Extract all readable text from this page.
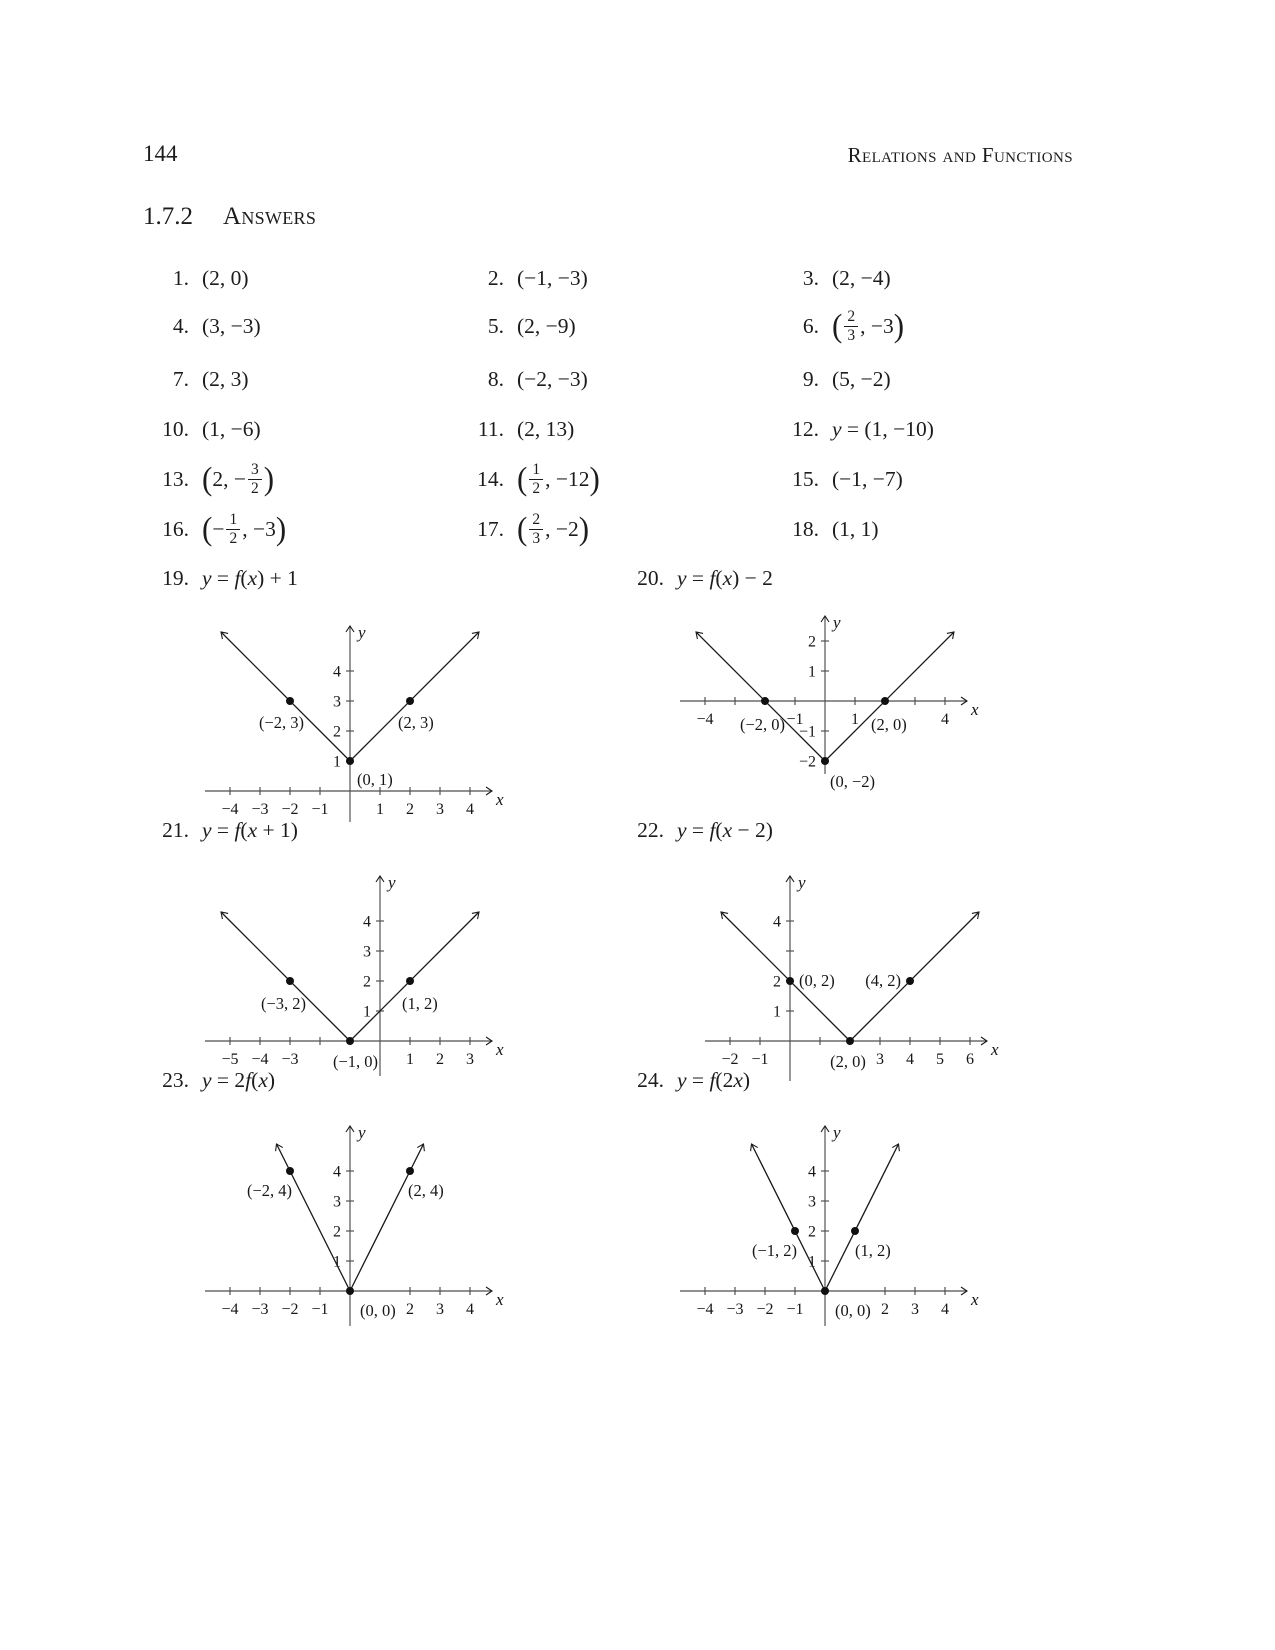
144	Relations and Functions
1.7.2 Answers
1. (2, 0)	2. (−1, −3)	3. (2, −4)
4. (3, −3)	5. (2, −9)	6. ( $\frac{2}{3}$ , −3 )
7. (2, 3)	8. (−2, −3)	9. (5, −2)
10. (1, −6)	11. (2, 13)	12. y = (1, −10)
13. ( 2, − $\frac{3}{2}$ )	14. ( $\frac{1}{2}$ , −12 )	15. (−1, −7)
16. ( − $\frac{1}{2}$ , −3 )	17. ( $\frac{2}{3}$ , −2 )	18. (1, 1)
19. y = f ( x ) + 1
x
y
−4 −3 −2 −1	1 2 3 4
1
2
3
4
(−2, 3)	(2, 3)
(0, 1)
20. y = f ( x ) − 2
x
y
−4	−1	1	4
2
1
−1
−2
(−2, 0)	(2, 0)
(0, −2)
21. y = f ( x + 1)
x
y
−5 −4 −3	1 2 3
1
2
3
4
(−3, 2)	(1, 2)
(−1, 0)
22. y = f ( x − 2)
x
y
−2 −1	3 4 5 6
1
2
4
(0, 2) (4, 2)
(2, 0)
23. y = 2 f ( x )
x
y
−4 −3 −2 −1	2 3 4
1
2
3
4
(−2, 4)	(2, 4)
(0, 0)
24. y = f (2 x )
x
y
−4 −3 −2 −1	2 3 4
1
2
3
4
(−1, 2)	(1, 2)
(0, 0)
